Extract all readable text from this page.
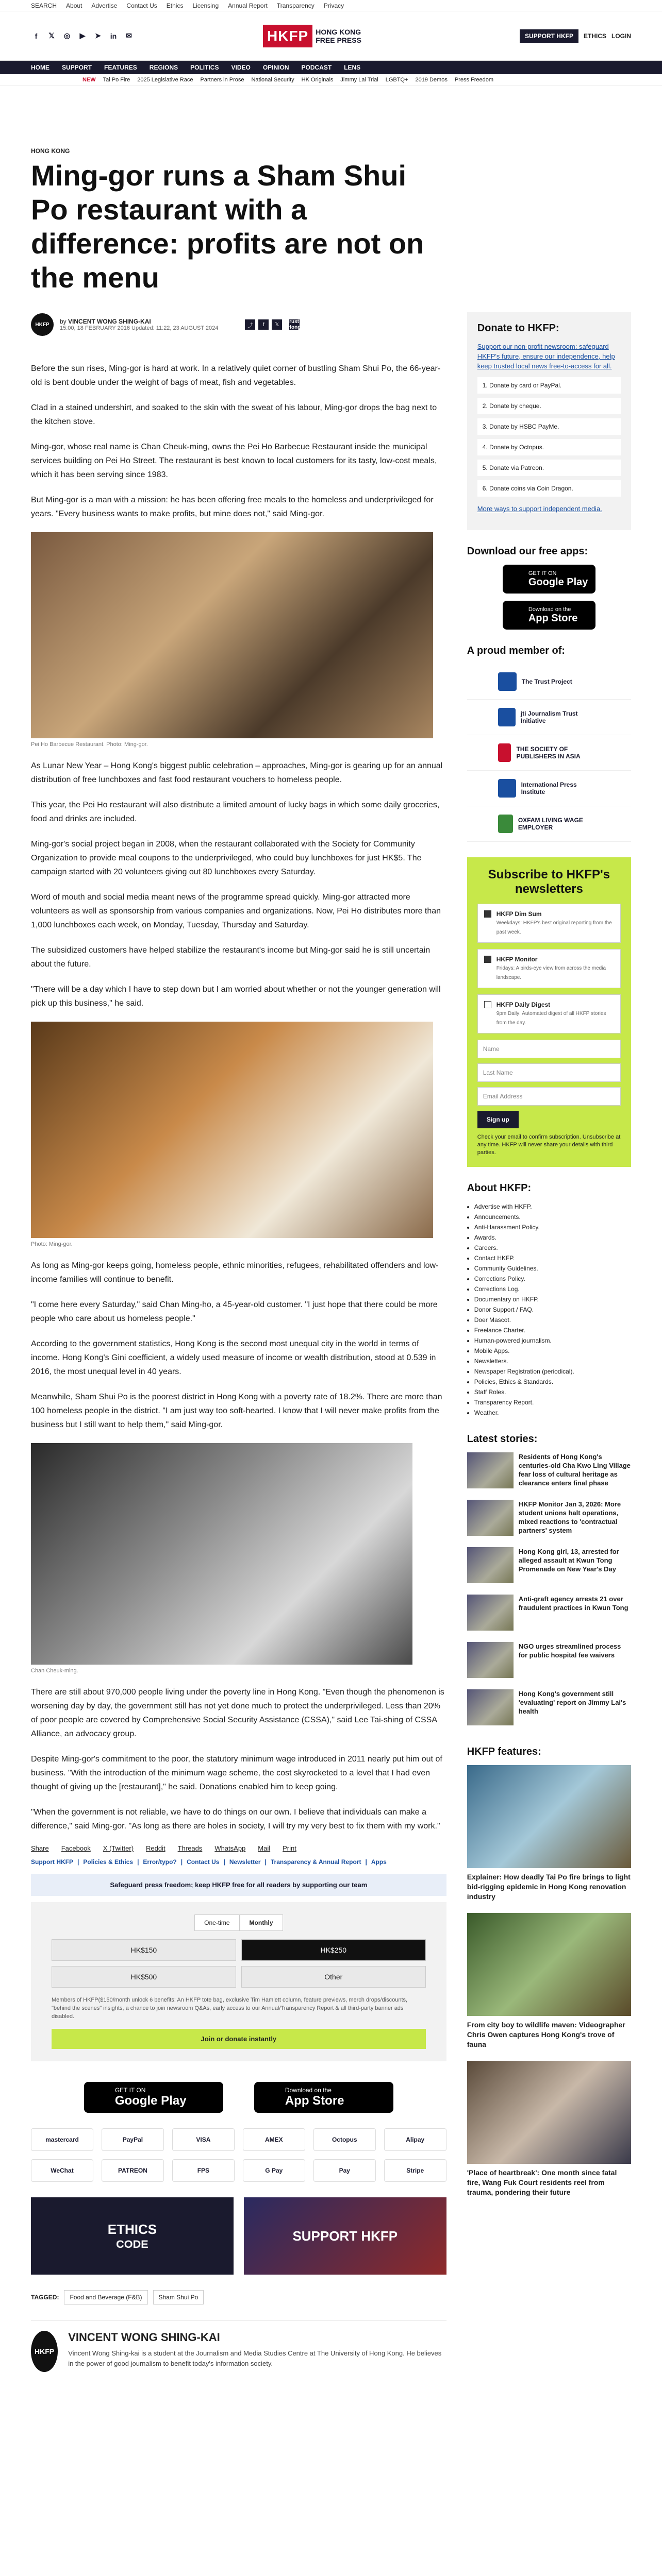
SEARCH About Advertise Contact Us Ethics Licensing Annual Report Transparency Privacy
f	𝕏	◎	▶	➤ in ✉	HKFP	HONG KONG
FREE PRESS	SUPPORT HKFP	ETHICS LOGIN
HOME SUPPORT FEATURES REGIONS POLITICS VIDEO OPINION PODCAST LENS
NEW Tai Po Fire 2025 Legislative Race Partners in Prose National Security HK Originals Jimmy Lai Trial LGBTQ+ 2019 Demos Press Freedom
HONG KONG
Ming-gor runs a Sham Shui Po restaurant with a difference: profits are not on the menu
HKFP	by VINCENT WONG SHING-KAI
15:00, 18 FEBRUARY 2016 Updated: 11:22, 23 AUGUST 2024	⤴	f	𝕏
Why you can trust Hong Kong Free Press

Before the sun rises, Ming-gor is hard at work. In a relatively quiet corner of bustling Sham Shui Po, the 66-year-old is bent double under the weight of bags of meat, fish and vegetables.

Clad in a stained undershirt, and soaked to the skin with the sweat of his labour, Ming-gor drops the bag next to the kitchen stove.

Ming-gor, whose real name is Chan Cheuk-ming, owns the Pei Ho Barbecue Restaurant inside the municipal services building on Pei Ho Street. The restaurant is best known to local customers for its tasty, low-cost meals, which it has been serving since 1983.

But Ming-gor is a man with a mission: he has been offering free meals to the homeless and underprivileged for years. "Every business wants to make profits, but mine does not," said Ming-gor.

Pei Ho Barbecue Restaurant. Photo: Ming-gor.

As Lunar New Year – Hong Kong's biggest public celebration – approaches, Ming-gor is gearing up for an annual distribution of free lunchboxes and fast food restaurant vouchers to homeless people.

This year, the Pei Ho restaurant will also distribute a limited amount of lucky bags in which some daily groceries, food and drinks are included.

Ming-gor's social project began in 2008, when the restaurant collaborated with the Society for Community Organization to provide meal coupons to the underprivileged, who could buy lunchboxes for just HK$5. The campaign started with 20 volunteers giving out 80 lunchboxes every Saturday.

Word of mouth and social media meant news of the programme spread quickly. Ming-gor attracted more volunteers as well as sponsorship from various companies and organizations. Now, Pei Ho distributes more than 1,000 lunchboxes each week, on Monday, Tuesday, Thursday and Saturday.

The subsidized customers have helped stabilize the restaurant's income but Ming-gor said he is still uncertain about the future.

"There will be a day which I have to step down but I am worried about whether or not the younger generation will pick up this business," he said.

Photo: Ming-gor.

As long as Ming-gor keeps going, homeless people, ethnic minorities, refugees, rehabilitated offenders and low-income families will continue to benefit.

"I come here every Saturday," said Chan Ming-ho, a 45-year-old customer. "I just hope that there could be more people who care about us homeless people."

According to the government statistics, Hong Kong is the second most unequal city in the world in terms of income. Hong Kong's Gini coefficient, a widely used measure of income or wealth distribution, stood at 0.539 in 2016, the most unequal level in 40 years.

Meanwhile, Sham Shui Po is the poorest district in Hong Kong with a poverty rate of 18.2%. There are more than 100 homeless people in the district. "I am just way too soft-hearted. I know that I will never make profits from the business but I still want to help them," said Ming-gor.

Chan Cheuk-ming.

There are still about 970,000 people living under the poverty line in Hong Kong. "Even though the phenomenon is worsening day by day, the government still has not yet done much to protect the underprivileged. Less than 20% of poor people are covered by Comprehensive Social Security Assistance (CSSA)," said Lee Tai-shing of CSSA Alliance, an advocacy group.

Despite Ming-gor's commitment to the poor, the statutory minimum wage introduced in 2011 nearly put him out of business. "With the introduction of the minimum wage scheme, the cost skyrocketed to a level that I had even thought of giving up the [restaurant]," he said. Donations enabled him to keep going.

"When the government is not reliable, we have to do things on our own. I believe that individuals can make a difference," said Ming-gor. "As long as there are holes in society, I will try my very best to fix them with my work."

Share Facebook X (Twitter) Reddit Threads WhatsApp Mail Print
Support HKFP | Policies & Ethics | Error/typo? | Contact Us | Newsletter | Transparency & Annual Report | Apps
Safeguard press freedom; keep HKFP free for all readers by supporting our team
One-time	Monthly
HK$150	HK$250
HK$500	Other
Members of HKFP($150/month unlock 6 benefits: An HKFP tote bag, exclusive Tim Hamlett column, feature previews, merch drops/discounts, "behind the scenes" insights, a chance to join newsroom Q&As, early access to our Annual/Transparency Report & all third-party banner ads disabled.
Join or donate instantly
GET IT ON
Google Play
Download on the
App Store
mastercard	PayPal	VISA	AMEX	Octopus	Alipay
WeChat	PATREON	FPS	G Pay	Pay	Stripe
ETHICS
CODE
SUPPORT HKFP
TAGGED:	Food and Beverage (F&B)	Sham Shui Po
HKFP
VINCENT WONG SHING-KAI
Vincent Wong Shing-kai is a student at the Journalism and Media Studies Centre at The University of Hong Kong. He believes in the power of good journalism to benefit today's information society.
Donate to HKFP:
Support our non-profit newsroom: safeguard HKFP's future, ensure our independence, help keep trusted local news free-to-access for all.
1. Donate by card or PayPal.
2. Donate by cheque.
3. Donate by HSBC PayMe.
4. Donate by Octopus.
5. Donate via Patreon.
6. Donate coins via Coin Dragon.
More ways to support independent media.
Download our free apps:
GET IT ON
Google Play
Download on the
App Store
A proud member of:
The Trust Project
jti Journalism Trust Initiative
THE SOCIETY OF PUBLISHERS IN ASIA
International Press Institute
OXFAM LIVING WAGE EMPLOYER
Subscribe to HKFP's newsletters
HKFP Dim Sum
Weekdays: HKFP's best original reporting from the past week.
HKFP Monitor
Fridays: A birds-eye view from across the media landscape.
HKFP Daily Digest
9pm Daily: Automated digest of all HKFP stories from the day.
Name
Last Name
Email Address
Sign up
Check your email to confirm subscription. Unsubscribe at any time. HKFP will never share your details with third parties.
About HKFP:
• Advertise with HKFP.
• Announcements.
• Anti-Harassment Policy.
• Awards.
• Careers.
• Contact HKFP.
• Community Guidelines.
• Corrections Policy.
• Corrections Log.
• Documentary on HKFP.
• Donor Support / FAQ.
• Doer Mascot.
• Freelance Charter.
• Human-powered journalism.
• Mobile Apps.
• Newsletters.
• Newspaper Registration (periodical).
• Policies, Ethics & Standards.
• Staff Roles.
• Transparency Report.
• Weather.
Latest stories:
Residents of Hong Kong's centuries-old Cha Kwo Ling Village fear loss of cultural heritage as clearance enters final phase
HKFP Monitor Jan 3, 2026: More student unions halt operations, mixed reactions to 'contractual partners' system
Hong Kong girl, 13, arrested for alleged assault at Kwun Tong Promenade on New Year's Day
Anti-graft agency arrests 21 over fraudulent practices in Kwun Tong
NGO urges streamlined process for public hospital fee waivers
Hong Kong's government still 'evaluating' report on Jimmy Lai's health
HKFP features:
Explainer: How deadly Tai Po fire brings to light bid-rigging epidemic in Hong Kong renovation industry
From city boy to wildlife maven: Videographer Chris Owen captures Hong Kong's trove of fauna
'Place of heartbreak': One month since fatal fire, Wang Fuk Court residents reel from trauma, pondering their future
